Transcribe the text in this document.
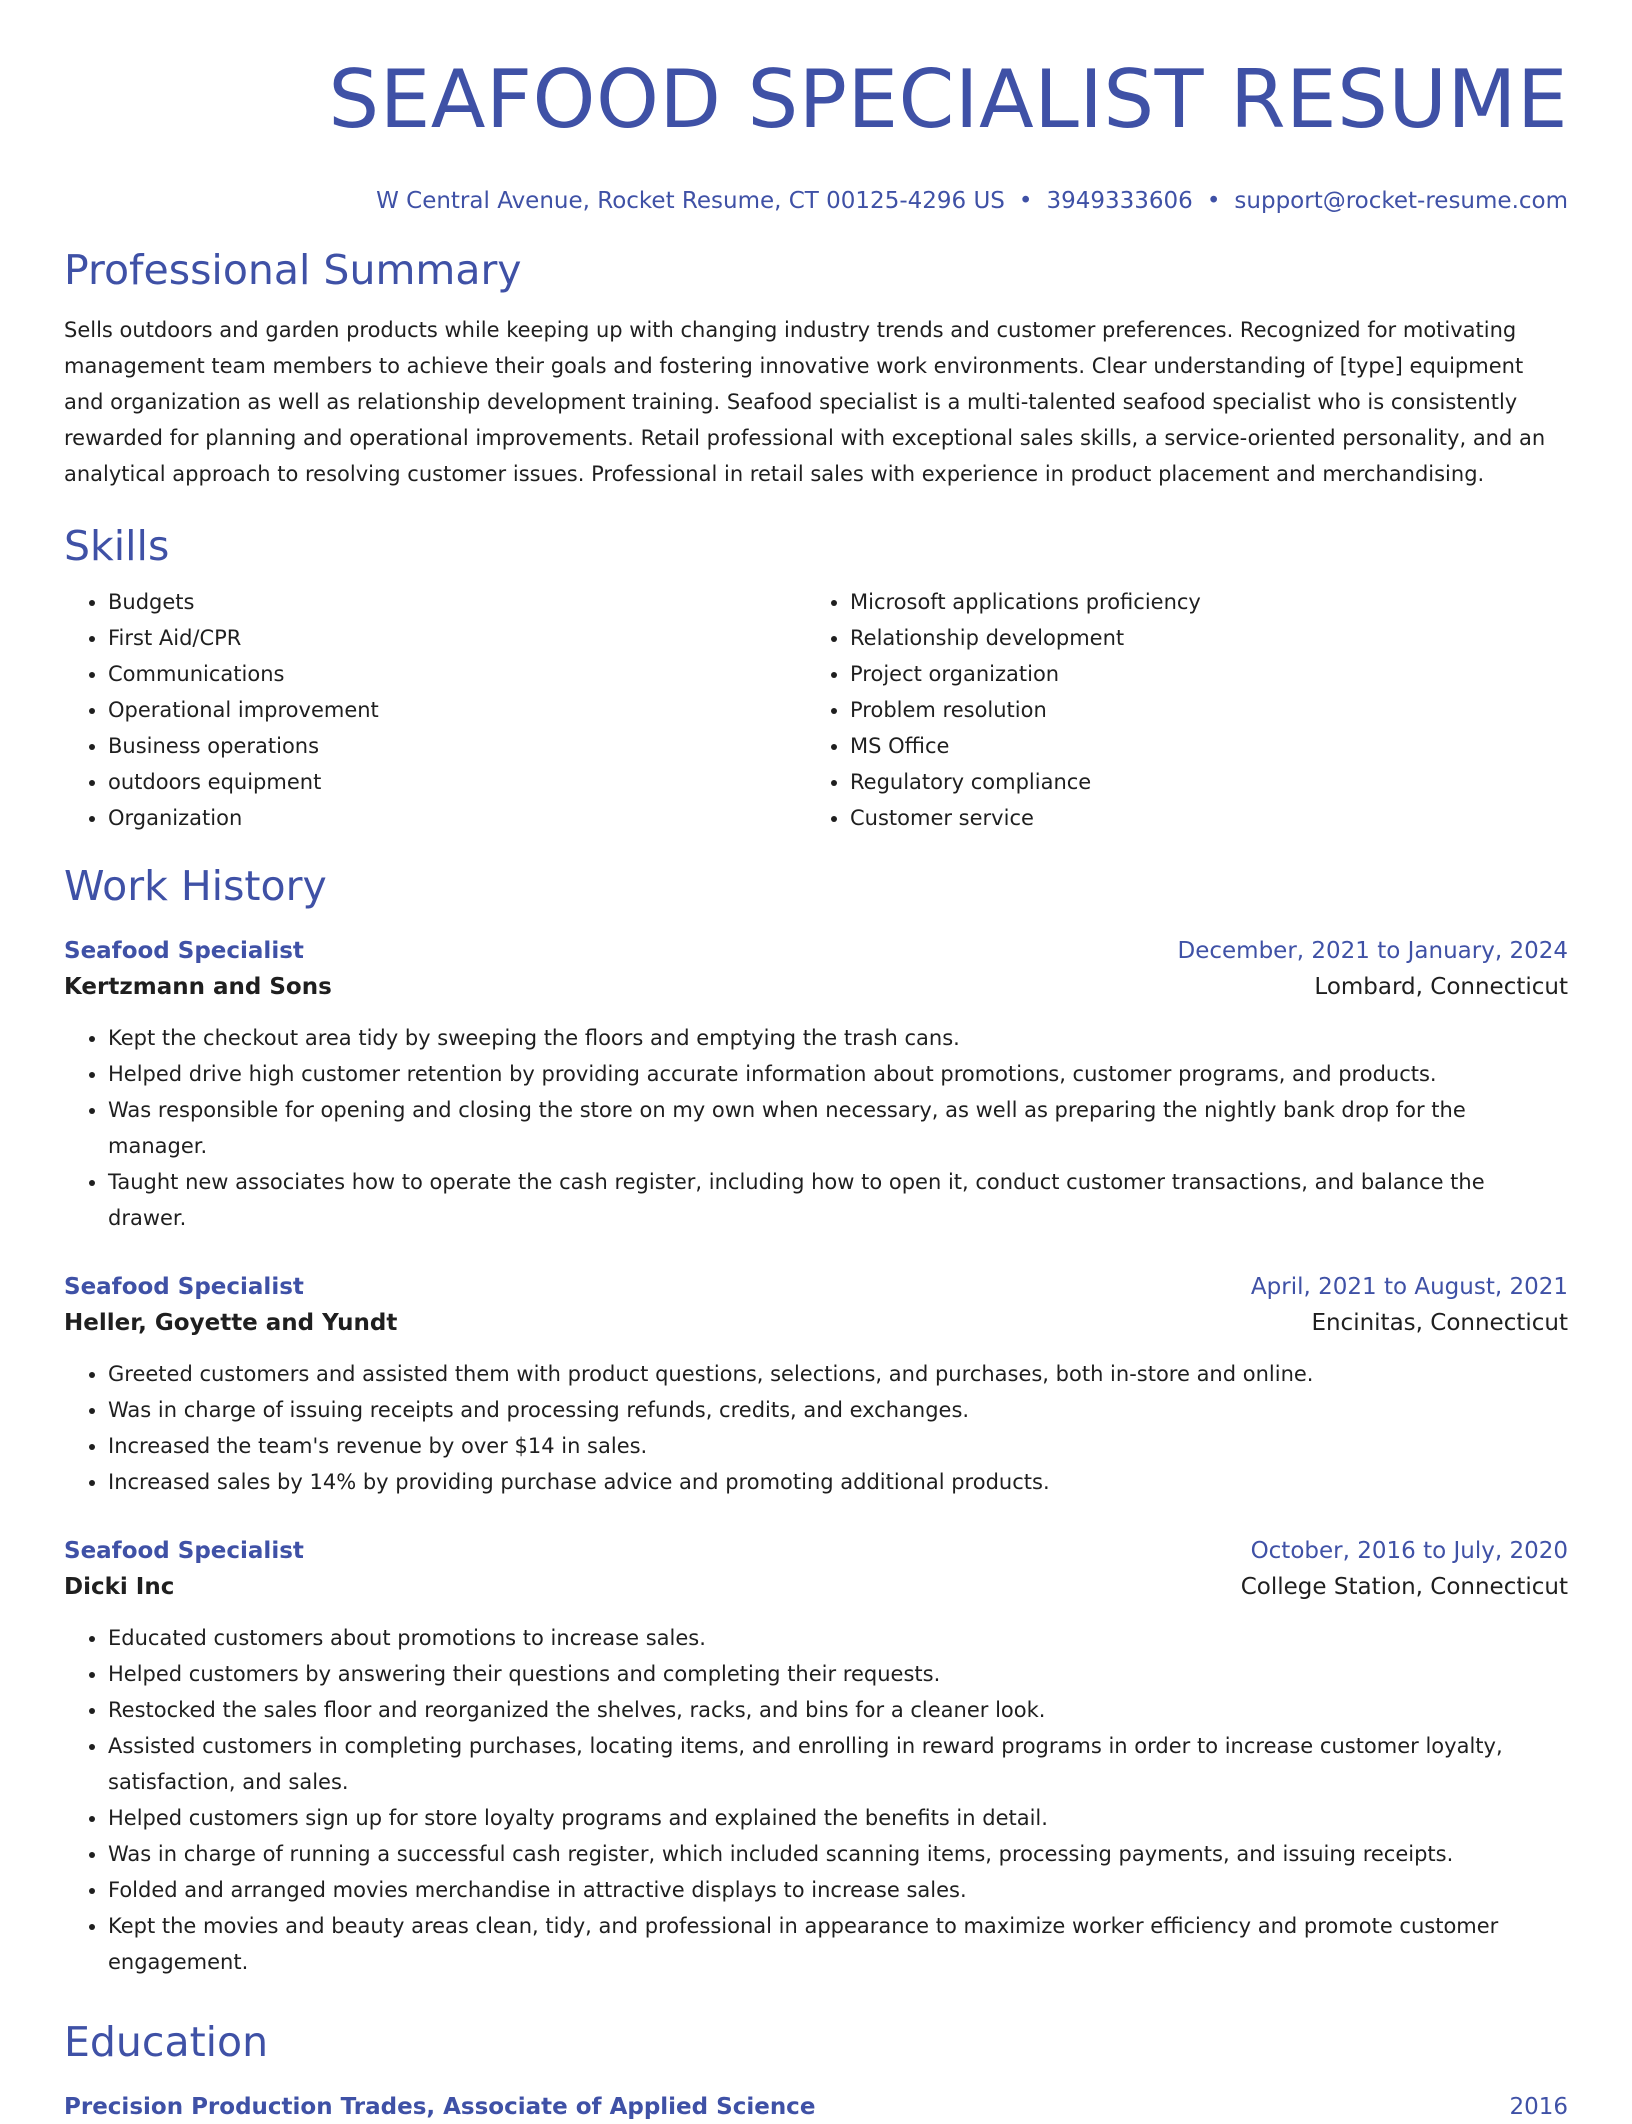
SEAFOOD SPECIALIST RESUME
W Central Avenue, Rocket Resume, CT 00125-4296 US • 3949333606 • support@rocket-resume.com
Professional Summary
Sells outdoors and garden products while keeping up with changing industry trends and customer preferences. Recognized for motivating management team members to achieve their goals and fostering innovative work environments. Clear understanding of [type] equipment and organization as well as relationship development training. Seafood specialist is a multi-talented seafood specialist who is consistently rewarded for planning and operational improvements. Retail professional with exceptional sales skills, a service-oriented personality, and an analytical approach to resolving customer issues. Professional in retail sales with experience in product placement and merchandising.
Skills
• Budgets
• First Aid/CPR
• Communications
• Operational improvement
• Business operations
• outdoors equipment
• Organization
• Microsoft applications proficiency
• Relationship development
• Project organization
• Problem resolution
• MS Office
• Regulatory compliance
• Customer service
Work History
Seafood Specialist	December, 2021 to January, 2024
Kertzmann and Sons	Lombard, Connecticut
• Kept the checkout area tidy by sweeping the floors and emptying the trash cans.
• Helped drive high customer retention by providing accurate information about promotions, customer programs, and products.
• Was responsible for opening and closing the store on my own when necessary, as well as preparing the nightly bank drop for the manager.
• Taught new associates how to operate the cash register, including how to open it, conduct customer transactions, and balance the drawer.
Seafood Specialist	April, 2021 to August, 2021
Heller, Goyette and Yundt	Encinitas, Connecticut
• Greeted customers and assisted them with product questions, selections, and purchases, both in-store and online.
• Was in charge of issuing receipts and processing refunds, credits, and exchanges.
• Increased the team's revenue by over $14 in sales.
• Increased sales by 14% by providing purchase advice and promoting additional products.
Seafood Specialist	October, 2016 to July, 2020
Dicki Inc	College Station, Connecticut
• Educated customers about promotions to increase sales.
• Helped customers by answering their questions and completing their requests.
• Restocked the sales floor and reorganized the shelves, racks, and bins for a cleaner look.
• Assisted customers in completing purchases, locating items, and enrolling in reward programs in order to increase customer loyalty, satisfaction, and sales.
• Helped customers sign up for store loyalty programs and explained the benefits in detail.
• Was in charge of running a successful cash register, which included scanning items, processing payments, and issuing receipts.
• Folded and arranged movies merchandise in attractive displays to increase sales.
• Kept the movies and beauty areas clean, tidy, and professional in appearance to maximize worker efficiency and promote customer engagement.
Education
Precision Production Trades, Associate of Applied Science	2016
